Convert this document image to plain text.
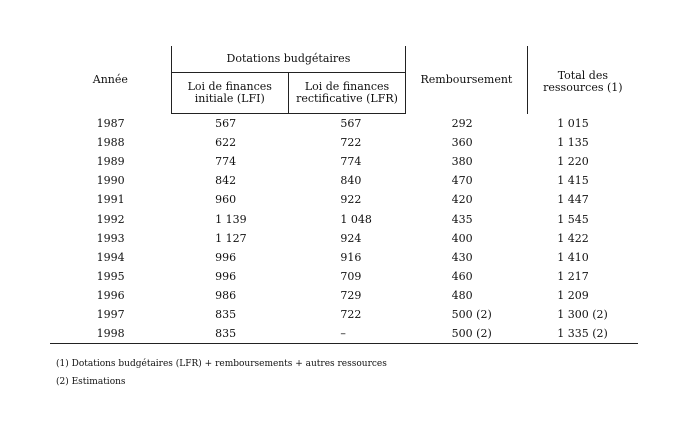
Année	Dotations budgétaires		Remboursement	Total des ressources (1)
	Loi de finances initiale (LFI)	Loi de finances rectificative (LFR)		
1987	567	567	292	1 015
1988	622	722	360	1 135
1989	774	774	380	1 220
1990	842	840	470	1 415
1991	960	922	420	1 447
1992	1 139	1 048	435	1 545
1993	1 127	924	400	1 422
1994	996	916	430	1 410
1995	996	709	460	1 217
1996	986	729	480	1 209
1997	835	722	500 (2)	1 300 (2)
1998	835	–	500 (2)	1 335 (2)
(1) Dotations budgétaires (LFR) + remboursements + autres ressources
(2) Estimations
